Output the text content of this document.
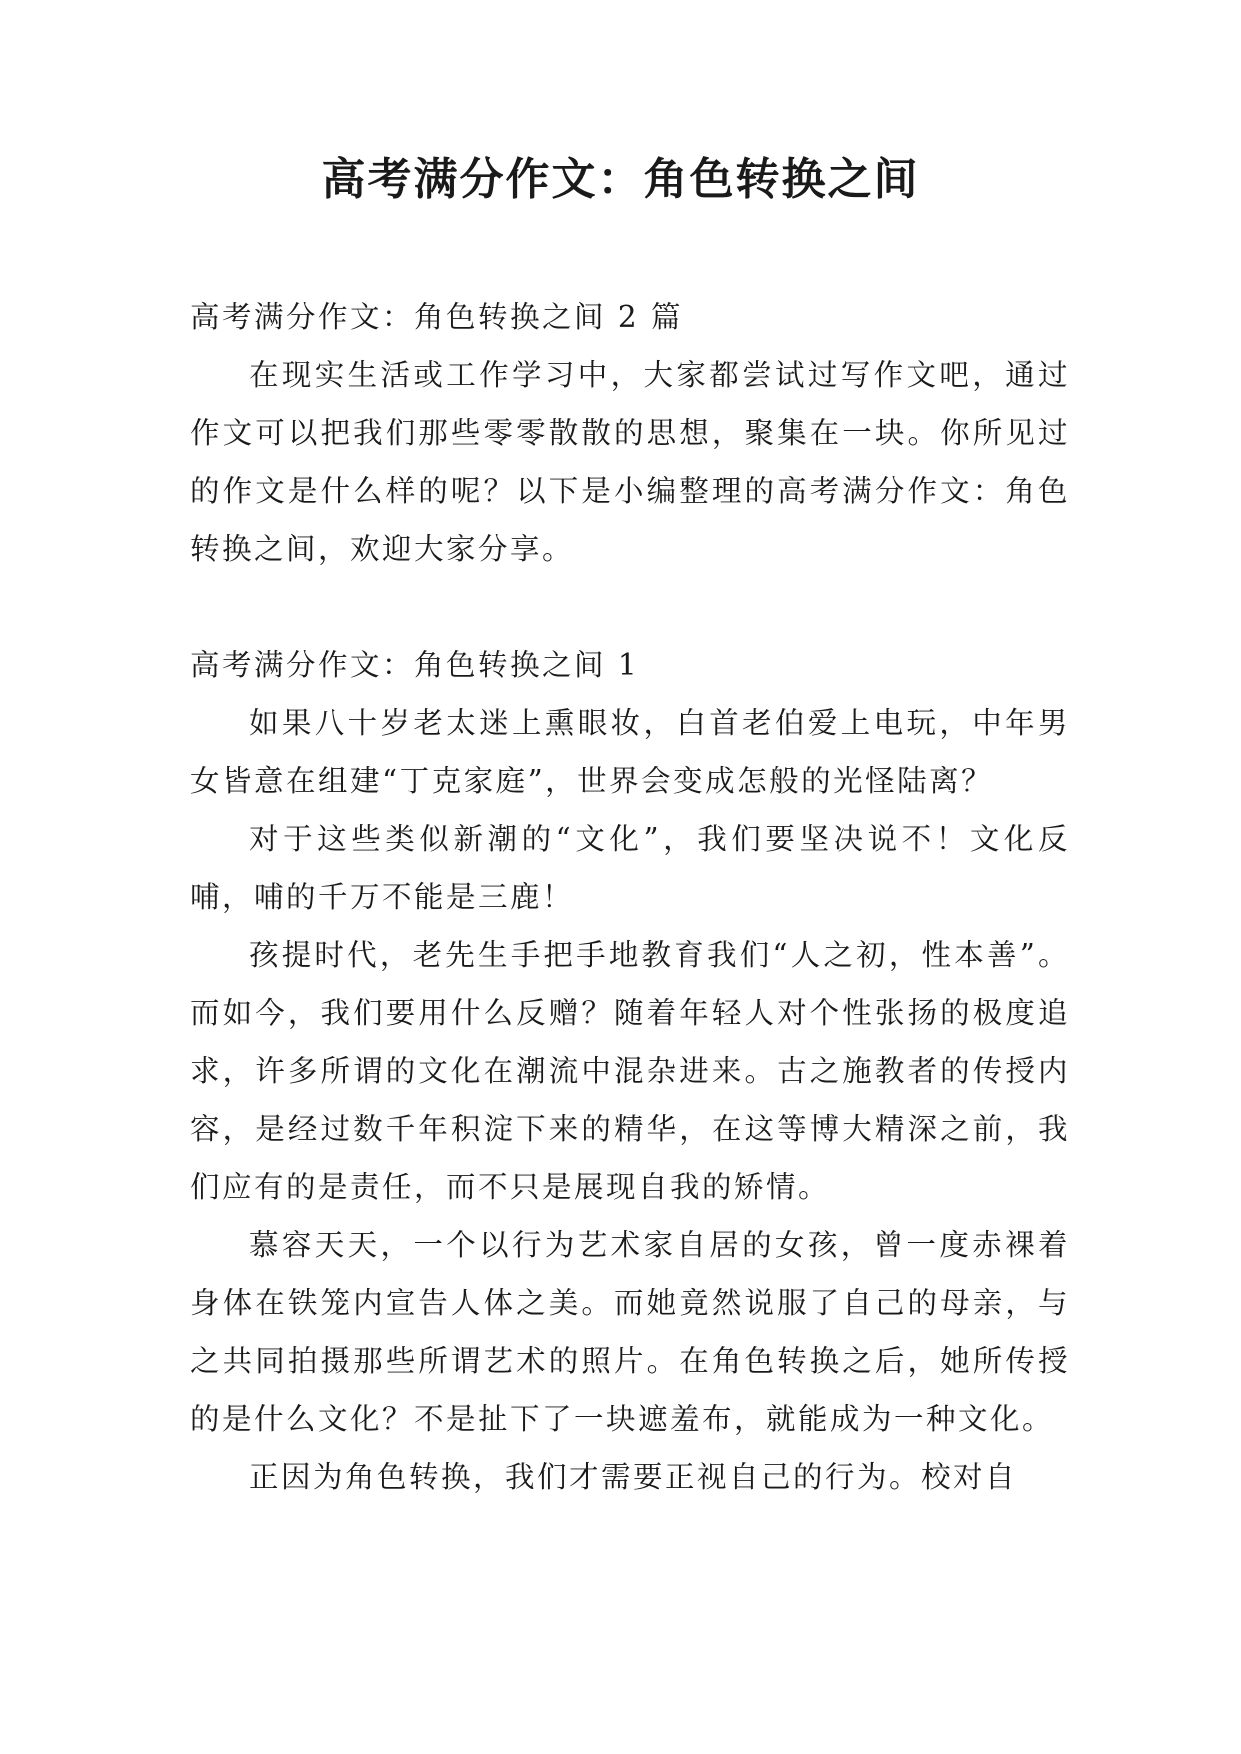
高考满分作文：角色转换之间

高考满分作文：角色转换之间 2 篇

在现实生活或工作学习中，大家都尝试过写作文吧，通过作文可以把我们那些零零散散的思想，聚集在一块。你所见过的作文是什么样的呢？以下是小编整理的高考满分作文：角色转换之间，欢迎大家分享。

高考满分作文：角色转换之间 1

如果八十岁老太迷上熏眼妆，白首老伯爱上电玩，中年男女皆意在组建“丁克家庭”，世界会变成怎般的光怪陆离？

对于这些类似新潮的“文化”，我们要坚决说不！文化反哺，哺的千万不能是三鹿！

孩提时代，老先生手把手地教育我们“人之初，性本善”。而如今，我们要用什么反赠？随着年轻人对个性张扬的极度追求，许多所谓的文化在潮流中混杂进来。古之施教者的传授内容，是经过数千年积淀下来的精华，在这等博大精深之前，我们应有的是责任，而不只是展现自我的矫情。

慕容天天，一个以行为艺术家自居的女孩，曾一度赤裸着身体在铁笼内宣告人体之美。而她竟然说服了自己的母亲，与之共同拍摄那些所谓艺术的照片。在角色转换之后，她所传授的是什么文化？不是扯下了一块遮羞布，就能成为一种文化。

正因为角色转换，我们才需要正视自己的行为。校对自
